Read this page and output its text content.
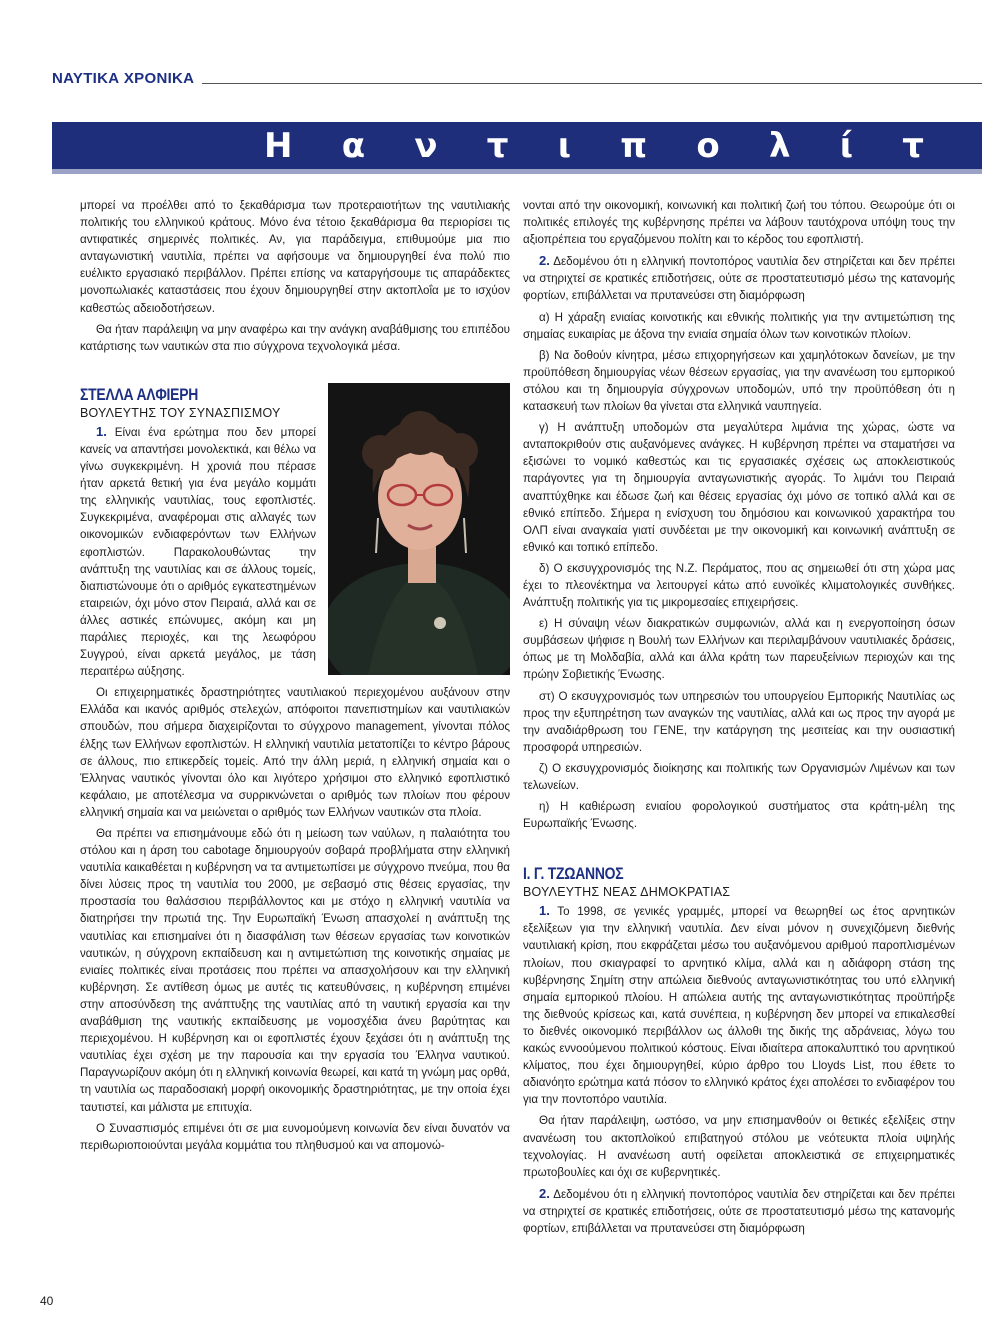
ΝΑΥΤΙΚΑ ΧΡΟΝΙΚΑ
Η α ν τ ι π ο λ ί τ

μπορεί να προέλθει από το ξεκαθάρισμα των προτεραιοτήτων της ναυτιλιακής πολιτικής του ελληνικού κράτους. Μόνο ένα τέτοιο ξεκαθάρισμα θα περιορίσει τις αντιφατικές σημερινές πολιτικές. Αν, για παράδειγμα, επιθυμούμε μια πιο ανταγωνιστική ναυτιλία, πρέπει να αφήσουμε να δημιουργηθεί ένα πολύ πιο ευέλικτο εργασιακό περιβάλλον. Πρέπει επίσης να καταργήσουμε τις απαράδεκτες μονοπωλιακές καταστάσεις που έχουν δημιουργηθεί στην ακτοπλοΐα με το ισχύον καθεστώς αδειοδοτήσεων.

Θα ήταν παράλειψη να μην αναφέρω και την ανάγκη αναβάθμισης του επιπέδου κατάρτισης των ναυτικών στα πιο σύγχρονα τεχνολογικά μέσα.

ΣΤΕΛΛΑ ΑΛΦΙΕΡΗ
ΒΟΥΛΕΥΤΗΣ ΤΟΥ ΣΥΝΑΣΠΙΣΜΟΥ

1. Είναι ένα ερώτημα που δεν μπορεί κανείς να απαντήσει μονολεκτικά, και θέλω να γίνω συγκεκριμένη. Η χρονιά που πέρασε ήταν αρκετά θετική για ένα μεγάλο κομμάτι της ελληνικής ναυτιλίας, τους εφοπλιστές. Συγκεκριμένα, αναφέρομαι στις αλλαγές των οικονομικών ενδιαφερόντων των Ελλήνων εφοπλιστών. Παρακολουθώντας την ανάπτυξη της ναυτιλίας και σε άλλους τομείς, διαπιστώνουμε ότι ο αριθμός εγκατεστημένων εταιρειών, όχι μόνο στον Πειραιά, αλλά και σε άλλες αστικές επώνυμες, ακόμη και μη παράλιες περιοχές, και της λεωφόρου Συγγρού, είναι αρκετά μεγάλος, με τάση περαιτέρω αύξησης.

Οι επιχειρηματικές δραστηριότητες ναυτιλιακού περιεχομένου αυξάνουν στην Ελλάδα και ικανός αριθμός στελεχών, απόφοιτοι πανεπιστημίων και ναυτιλιακών σπουδών, που σήμερα διαχειρίζονται το σύγχρονο management, γίνονται πόλος έλξης των Ελλήνων εφοπλιστών. Η ελληνική ναυτιλία μετατοπίζει το κέντρο βάρους σε άλλους, πιο επικερδείς τομείς. Από την άλλη μεριά, η ελληνική σημαία και ο Έλληνας ναυτικός γίνονται όλο και λιγότερο χρήσιμοι στο ελληνικό εφοπλιστικό κεφάλαιο, με αποτέλεσμα να συρρικνώνεται ο αριθμός των πλοίων που φέρουν ελληνική σημαία και να μειώνεται ο αριθμός των Ελλήνων ναυτικών στα πλοία.

Θα πρέπει να επισημάνουμε εδώ ότι η μείωση των ναύλων, η παλαιότητα του στόλου και η άρση του cabotage δημιουργούν σοβαρά προβλήματα στην ελληνική ναυτιλία καικαθέεται η κυβέρνηση να τα αντιμετωπίσει με σύγχρονο πνεύμα, που θα δίνει λύσεις προς τη ναυτιλία του 2000, με σεβασμό στις θέσεις εργασίας, την προστασία του θαλάσσιου περιβάλλοντος και με στόχο η ελληνική ναυτιλία να διατηρήσει την πρωτιά της. Την Ευρωπαϊκή Ένωση απασχολεί η ανάπτυξη της ναυτιλίας και επισημαίνει ότι η διασφάλιση των θέσεων εργασίας των κοινοτικών ναυτικών, η σύγχρονη εκπαίδευση και η αντιμετώπιση της κοινοτικής σημαίας με ενιαίες πολιτικές είναι προτάσεις που πρέπει να απασχολήσουν και την ελληνική κυβέρνηση. Σε αντίθεση όμως με αυτές τις κατευθύνσεις, η κυβέρνηση επιμένει στην αποσύνδεση της ανάπτυξης της ναυτιλίας από τη ναυτική εργασία και την αναβάθμιση της ναυτικής εκπαίδευσης με νομοσχέδια άνευ βαρύτητας και περιεχομένου. Η κυβέρνηση και οι εφοπλιστές έχουν ξεχάσει ότι η ανάπτυξη της ναυτιλίας έχει σχέση με την παρουσία και την εργασία του Έλληνα ναυτικού. Παραγνωρίζουν ακόμη ότι η ελληνική κοινωνία θεωρεί, και κατά τη γνώμη μας ορθά, τη ναυτιλία ως παραδοσιακή μορφή οικονομικής δραστηριότητας, με την οποία έχει ταυτιστεί, και μάλιστα με επιτυχία.

Ο Συνασπισμός επιμένει ότι σε μια ευνομούμενη κοινωνία δεν είναι δυνατόν να περιθωριοποιούνται μεγάλα κομμάτια του πληθυσμού και να απομονώ-

νονται από την οικονομική, κοινωνική και πολιτική ζωή του τόπου. Θεωρούμε ότι οι πολιτικές επιλογές της κυβέρνησης πρέπει να λάβουν ταυτόχρονα υπόψη τους την αξιοπρέπεια του εργαζόμενου πολίτη και το κέρδος του εφοπλιστή.

2. Δεδομένου ότι η ελληνική ποντοπόρος ναυτιλία δεν στηρίζεται και δεν πρέπει να στηριχτεί σε κρατικές επιδοτήσεις, ούτε σε προστατευτισμό μέσω της κατανομής φορτίων, επιβάλλεται να πρυτανεύσει στη διαμόρφωση

α) Η χάραξη ενιαίας κοινοτικής και εθνικής πολιτικής για την αντιμετώπιση της σημαίας ευκαιρίας με άξονα την ενιαία σημαία όλων των κοινοτικών πλοίων.

β) Να δοθούν κίνητρα, μέσω επιχορηγήσεων και χαμηλότοκων δανείων, με την προϋπόθεση δημιουργίας νέων θέσεων εργασίας, για την ανανέωση του εμπορικού στόλου και τη δημιουργία σύγχρονων υποδομών, υπό την προϋπόθεση ότι η κατασκευή των πλοίων θα γίνεται στα ελληνικά ναυπηγεία.

γ) Η ανάπτυξη υποδομών στα μεγαλύτερα λιμάνια της χώρας, ώστε να ανταποκριθούν στις αυξανόμενες ανάγκες. Η κυβέρνηση πρέπει να σταματήσει να εξισώνει το νομικό καθεστώς και τις εργασιακές σχέσεις ως αποκλειστικούς παράγοντες για τη δημιουργία ανταγωνιστικής αγοράς. Το λιμάνι του Πειραιά αναπτύχθηκε και έδωσε ζωή και θέσεις εργασίας όχι μόνο σε τοπικό αλλά και σε εθνικό επίπεδο. Σήμερα η ενίσχυση του δημόσιου και κοινωνικού χαρακτήρα του ΟΛΠ είναι αναγκαία γιατί συνδέεται με την οικονομική και κοινωνική ανάπτυξη σε εθνικό και τοπικό επίπεδο.

δ) Ο εκσυγχρονισμός της Ν.Ζ. Περάματος, που ας σημειωθεί ότι στη χώρα μας έχει το πλεονέκτημα να λειτουργεί κάτω από ευνοϊκές κλιματολογικές συνθήκες. Ανάπτυξη πολιτικής για τις μικρομεσαίες επιχειρήσεις.

ε) Η σύναψη νέων διακρατικών συμφωνιών, αλλά και η ενεργοποίηση όσων συμβάσεων ψήφισε η Βουλή των Ελλήνων και περιλαμβάνουν ναυτιλιακές δράσεις, όπως με τη Μολδαβία, αλλά και άλλα κράτη των παρευξείνιων περιοχών και της πρώην Σοβιετικής Ένωσης.

στ) Ο εκσυγχρονισμός των υπηρεσιών του υπουργείου Εμπορικής Ναυτιλίας ως προς την εξυπηρέτηση των αναγκών της ναυτιλίας, αλλά και ως προς την αγορά με την αναδιάρθρωση του ΓΕΝΕ, την κατάργηση της μεσιτείας και την ουσιαστική προσφορά υπηρεσιών.

ζ) Ο εκσυγχρονισμός διοίκησης και πολιτικής των Οργανισμών Λιμένων και των τελωνείων.

η) Η καθιέρωση ενιαίου φορολογικού συστήματος στα κράτη-μέλη της Ευρωπαϊκής Ένωσης.

Ι. Γ. ΤΖΩΑΝΝΟΣ
ΒΟΥΛΕΥΤΗΣ ΝΕΑΣ ΔΗΜΟΚΡΑΤΙΑΣ

1. Το 1998, σε γενικές γραμμές, μπορεί να θεωρηθεί ως έτος αρνητικών εξελίξεων για την ελληνική ναυτιλία. Δεν είναι μόνον η συνεχιζόμενη διεθνής ναυτιλιακή κρίση, που εκφράζεται μέσω του αυξανόμενου αριθμού παροπλισμένων πλοίων, που σκιαγραφεί το αρνητικό κλίμα, αλλά και η αδιάφορη στάση της κυβέρνησης Σημίτη στην απώλεια διεθνούς ανταγωνιστικότητας του υπό ελληνική σημαία εμπορικού πλοίου. Η απώλεια αυτής της ανταγωνιστικότητας προϋπήρξε της διεθνούς κρίσεως και, κατά συνέπεια, η κυβέρνηση δεν μπορεί να επικαλεσθεί το διεθνές οικονομικό περιβάλλον ως άλλοθι της δικής της αδράνειας, λόγω του κακώς εννοούμενου πολιτικού κόστους. Είναι ιδιαίτερα αποκαλυπτικό του αρνητικού κλίματος, που έχει δημιουργηθεί, κύριο άρθρο του Lloyds List, που έθετε το αδιανόητο ερώτημα κατά πόσον το ελληνικό κράτος έχει απολέσει το ενδιαφέρον του για την ποντοπόρο ναυτιλία.

Θα ήταν παράλειψη, ωστόσο, να μην επισημανθούν οι θετικές εξελίξεις στην ανανέωση του ακτοπλοϊκού επιβατηγού στόλου με νεότευκτα πλοία υψηλής τεχνολογίας. Η ανανέωση αυτή οφείλεται αποκλειστικά σε επιχειρηματικές πρωτοβουλίες και όχι σε κυβερνητικές.

2. Δεδομένου ότι η ελληνική ποντοπόρος ναυτιλία δεν στηρίζεται και δεν πρέπει να στηριχτεί σε κρατικές επιδοτήσεις, ούτε σε προστατευτισμό μέσω της κατανομής φορτίων, επιβάλλεται να πρυτανεύσει στη διαμόρφωση

40
